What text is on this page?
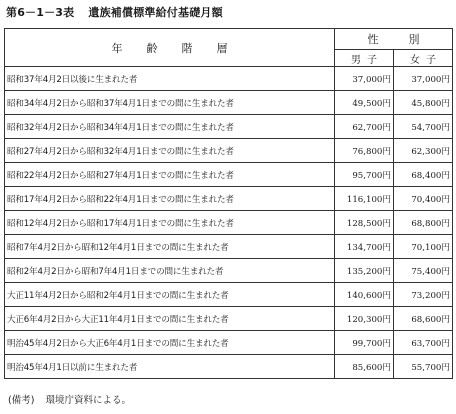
第6－1－3表 遺族補償標準給付基礎月額
年齢階層	性別	
	男子	女子
昭和37年4月2日以後に生まれた者	37,000円	37,000円
昭和34年4月2日から昭和37年4月1日までの間に生まれた者	49,500円	45,800円
昭和32年4月2日から昭和34年4月1日までの間に生まれた者	62,700円	54,700円
昭和27年4月2日から昭和32年4月1日までの間に生まれた者	76,800円	62,300円
昭和22年4月2日から昭和27年4月1日までの間に生まれた者	95,700円	68,400円
昭和17年4月2日から昭和22年4月1日までの間に生まれた者	116,100円	70,400円
昭和12年4月2日から昭和17年4月1日までの間に生まれた者	128,500円	68,800円
昭和7年4月2日から昭和12年4月1日までの間に生まれた者	134,700円	70,100円
昭和2年4月2日から昭和7年4月1日までの間に生まれた者	135,200円	75,400円
大正11年4月2日から昭和2年4月1日までの間に生まれた者	140,600円	73,200円
大正6年4月2日から大正11年4月1日までの間に生まれた者	120,300円	68,600円
明治45年4月2日から大正6年4月1日までの間に生まれた者	99,700円	63,700円
明治45年4月1日以前に生まれた者	85,600円	55,700円
(備考) 環境庁資料による。
